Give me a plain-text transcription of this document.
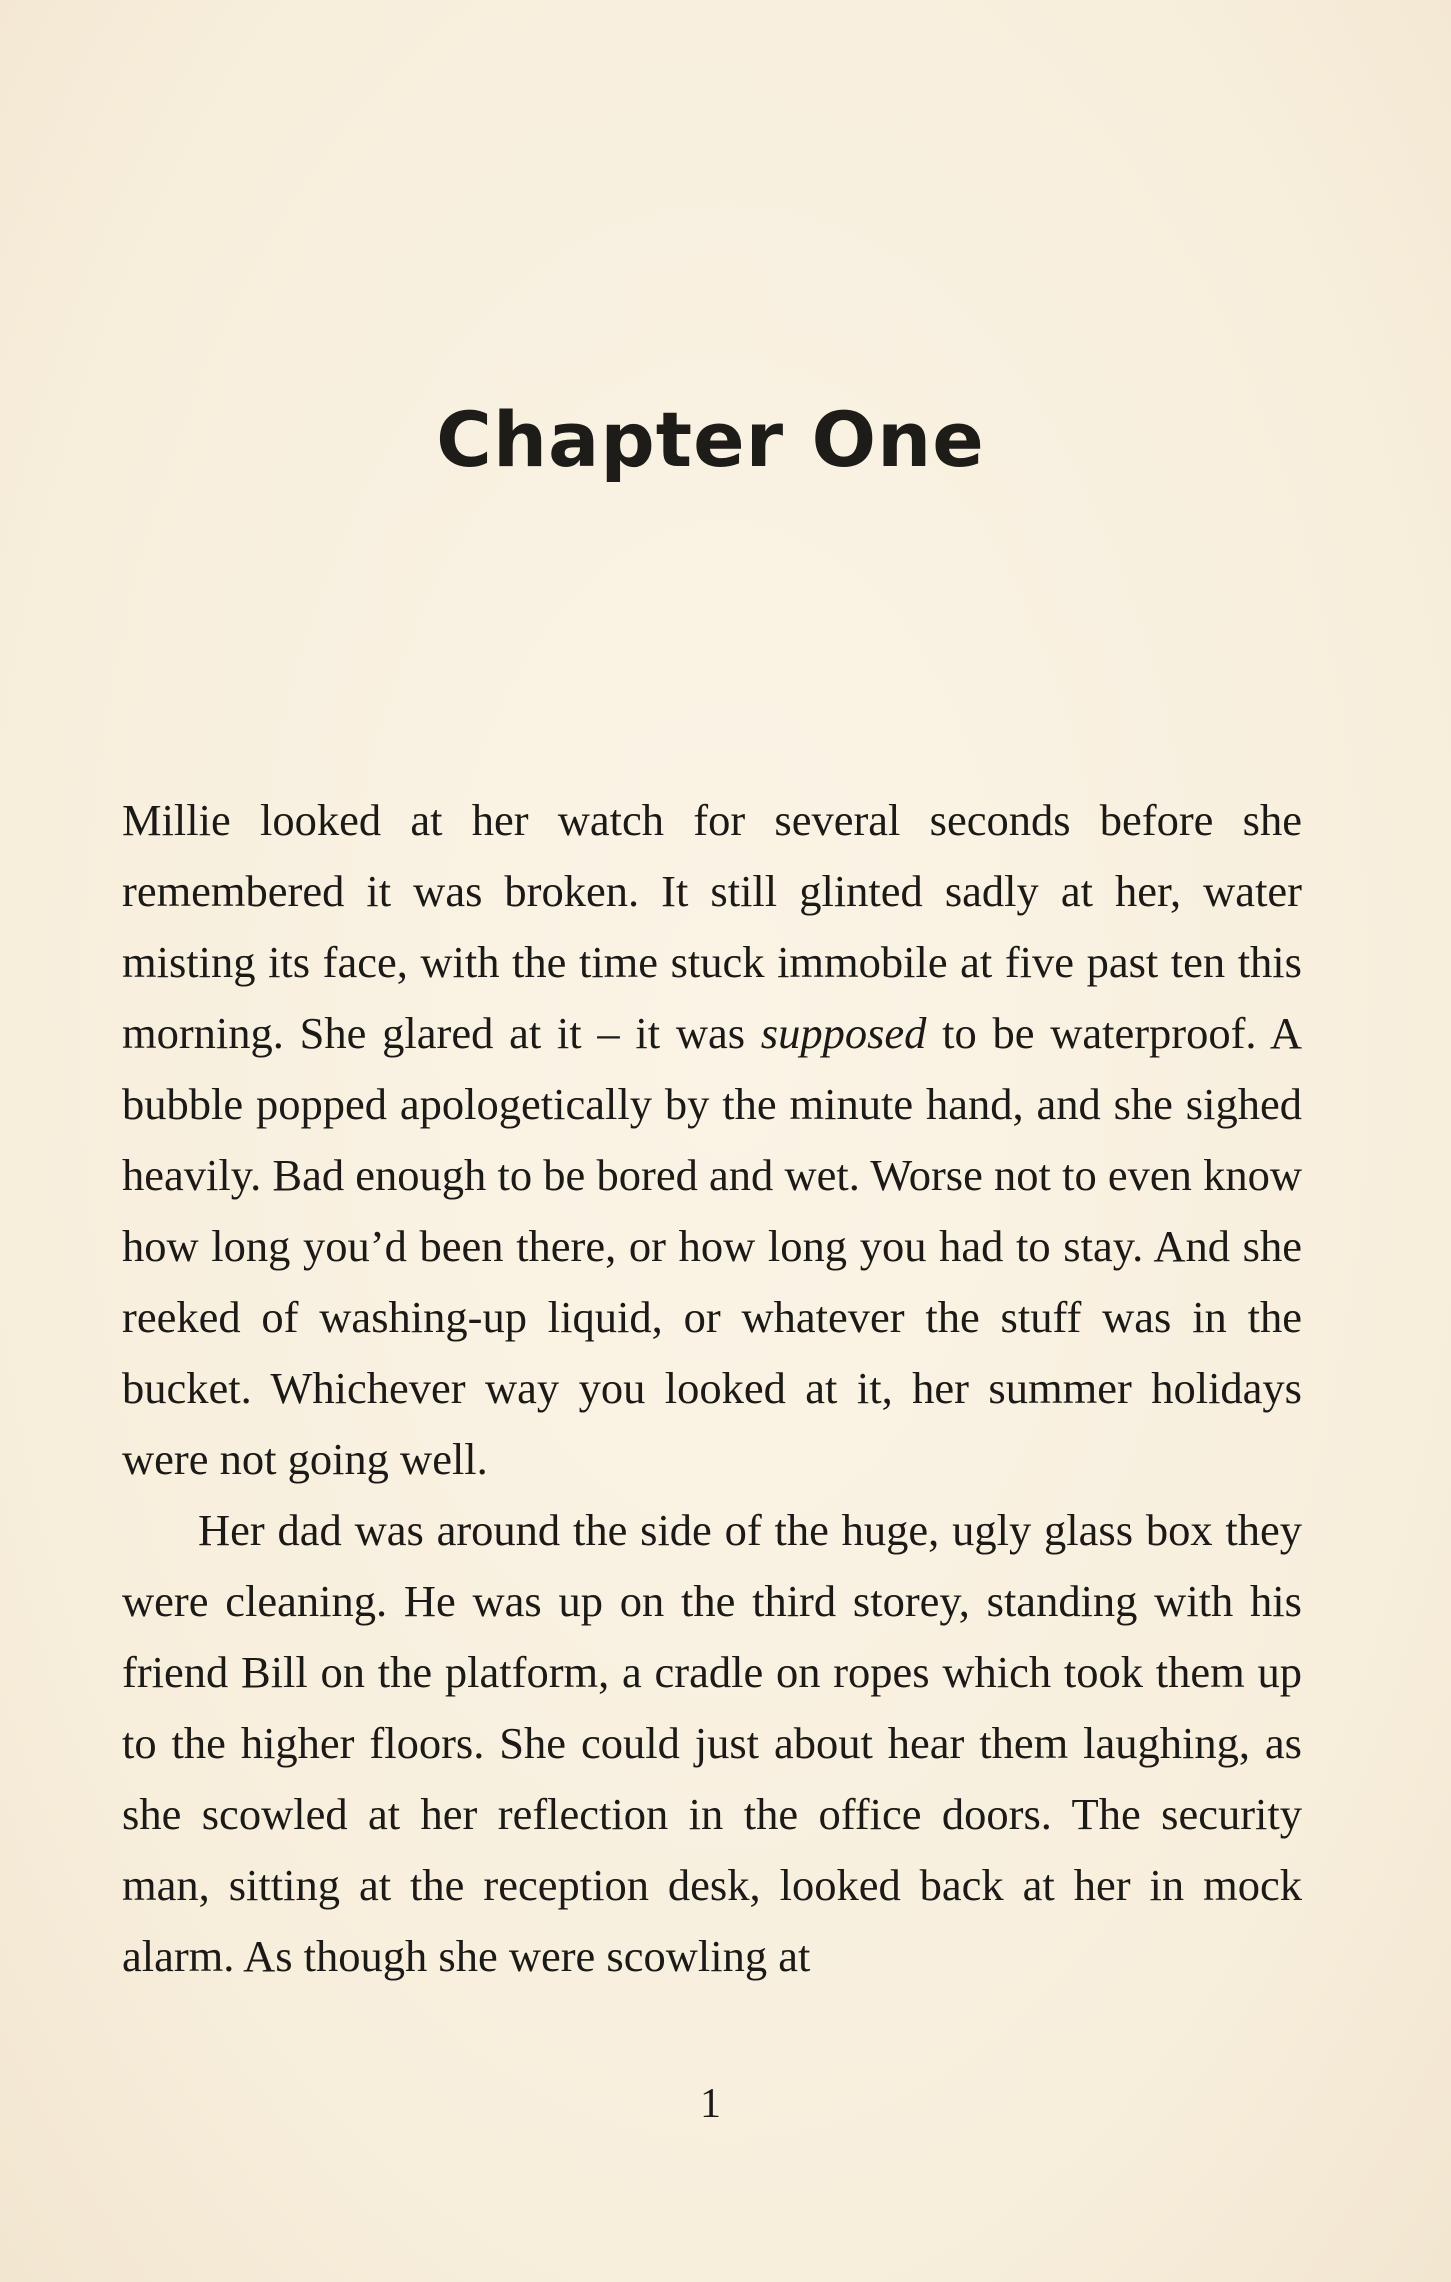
Chapter One

Millie looked at her watch for several seconds before she remembered it was broken. It still glinted sadly at her, water misting its face, with the time stuck immobile at five past ten this morning. She glared at it – it was supposed to be waterproof. A bubble popped apologetically by the minute hand, and she sighed heavily. Bad enough to be bored and wet. Worse not to even know how long you’d been there, or how long you had to stay. And she reeked of washing-up liquid, or whatever the stuff was in the bucket. Whichever way you looked at it, her summer holidays were not going well.

Her dad was around the side of the huge, ugly glass box they were cleaning. He was up on the third storey, standing with his friend Bill on the platform, a cradle on ropes which took them up to the higher floors. She could just about hear them laughing, as she scowled at her reflection in the office doors. The security man, sitting at the reception desk, looked back at her in mock alarm. As though she were scowling at

1
